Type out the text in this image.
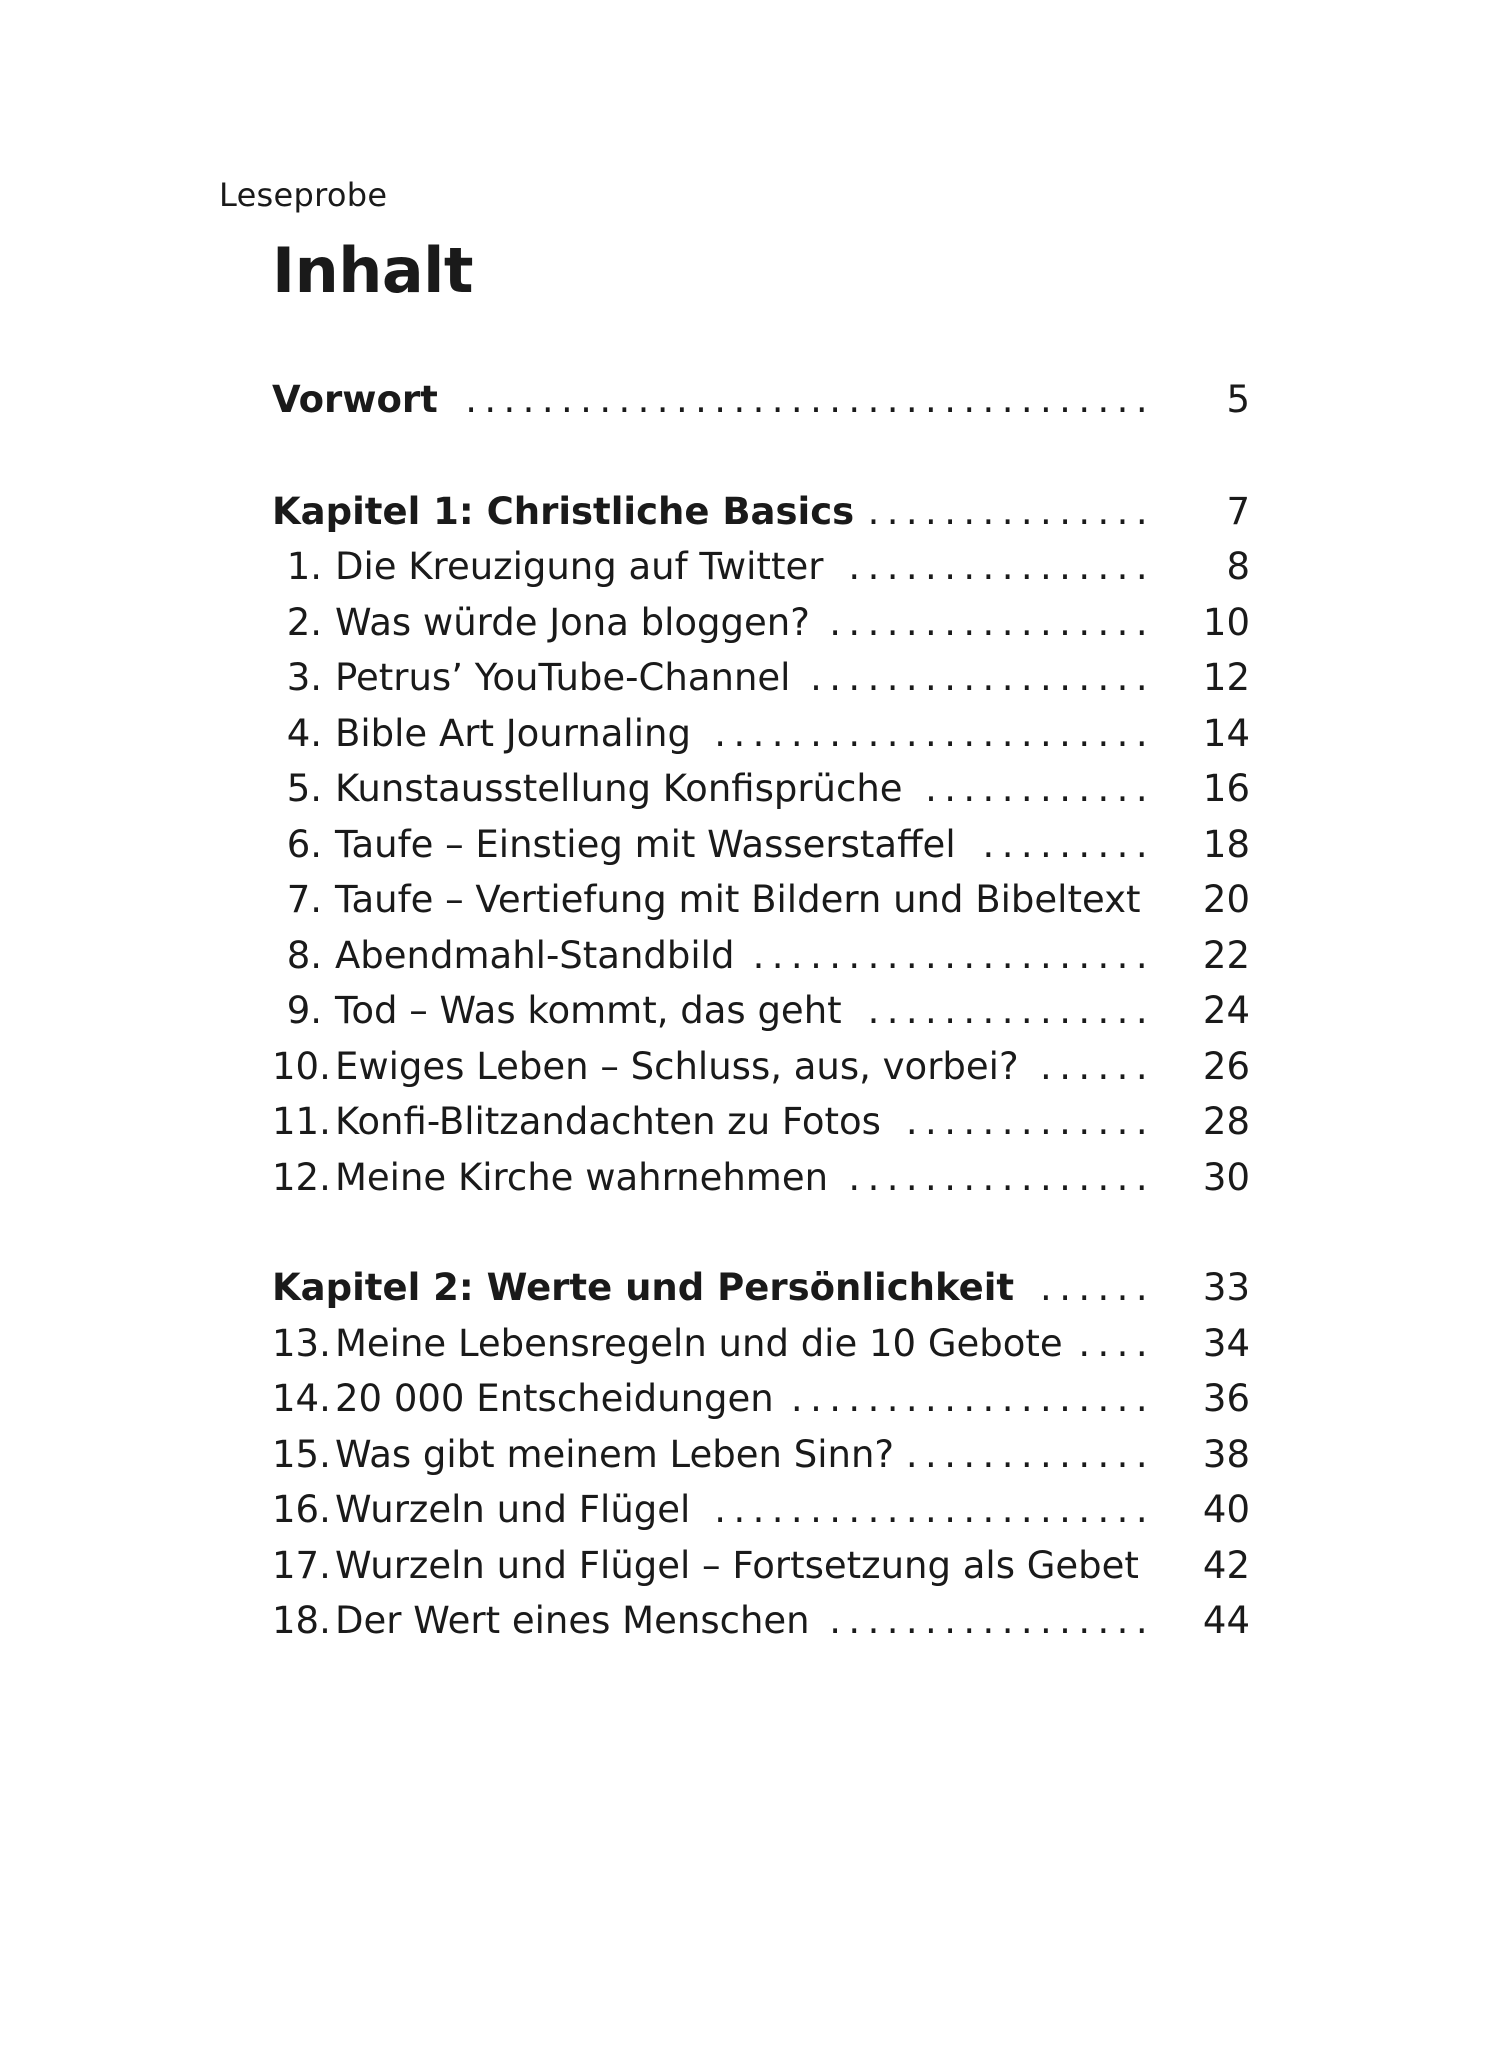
Leseprobe
Inhalt
Vorwort ....................................	5
Kapitel 1: Christliche Basics ...............	7
1. Die Kreuzigung auf Twitter ................	8
2. Was würde Jona bloggen? .................	10
3. Petrus’ YouTube-Channel ..................	12
4. Bible Art Journaling .......................	14
5. Kunstausstellung Konfisprüche ............	16
6. Taufe – Einstieg mit Wasserstaffel .........	18
7. Taufe – Vertiefung mit Bildern und Bibeltext	20
8. Abendmahl-Standbild .....................	22
9. Tod – Was kommt, das geht ...............	24
10. Ewiges Leben – Schluss, aus, vorbei? ......	26
11. Konfi-Blitzandachten zu Fotos .............	28
12. Meine Kirche wahrnehmen ................	30
Kapitel 2: Werte und Persönlichkeit ......	33
13. Meine Lebensregeln und die 10 Gebote ....	34
14. 20 000 Entscheidungen ...................	36
15. Was gibt meinem Leben Sinn? .............	38
16. Wurzeln und Flügel .......................	40
17. Wurzeln und Flügel – Fortsetzung als Gebet	42
18. Der Wert eines Menschen .................	44
